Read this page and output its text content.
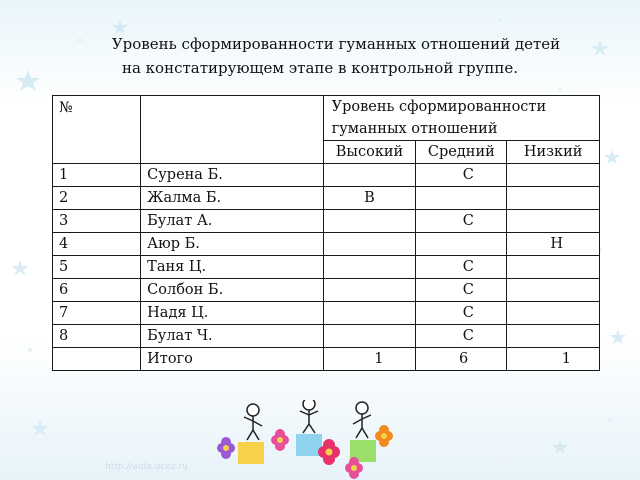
Уровень сформированности гуманных отношений детей
на констатирующем этапе в контрольной группе.
№		Уровень сформированности
гуманных отношений		

		Высокий	Средний	Низкий
1	Сурена Б.		С	
2	Жалма Б.	В		
3	Булат А.		С	
4	Аюр Б.			Н
5	Таня Ц.		С	
6	Солбон Б.		С	
7	Надя Ц.		С	
8	Булат Ч.		С	
	Итого	1	6	1
http://aida.ucoz.ru
